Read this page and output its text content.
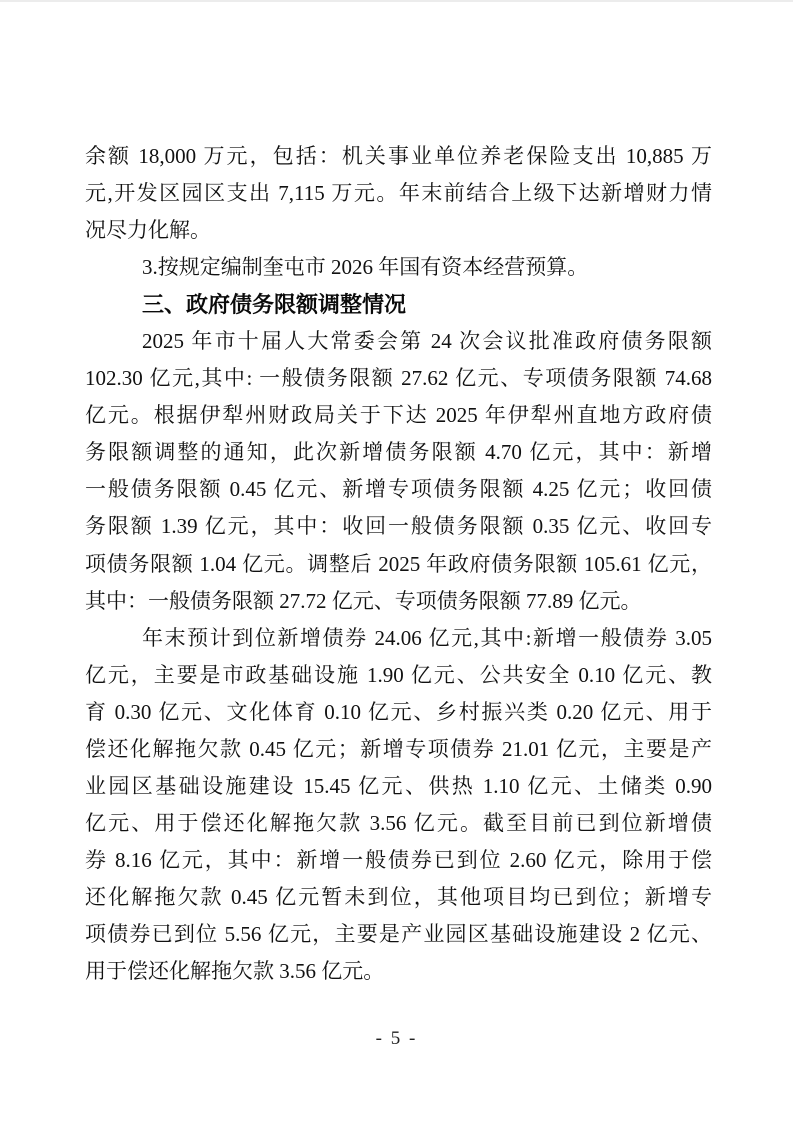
余额 18,000 万元，包括：机关事业单位养老保险支出 10,885 万
元,开发区园区支出 7,115 万元。年末前结合上级下达新增财力情
况尽力化解。
3.按规定编制奎屯市 2026 年国有资本经营预算。
三、政府债务限额调整情况
2025 年市十届人大常委会第 24 次会议批准政府债务限额
102.30 亿元,其中: 一般债务限额 27.62 亿元、专项债务限额 74.68
亿元。根据伊犁州财政局关于下达 2025 年伊犁州直地方政府债
务限额调整的通知，此次新增债务限额 4.70 亿元，其中：新增
一般债务限额 0.45 亿元、新增专项债务限额 4.25 亿元；收回债
务限额 1.39 亿元，其中：收回一般债务限额 0.35 亿元、收回专
项债务限额 1.04 亿元。调整后 2025 年政府债务限额 105.61 亿元，
其中：一般债务限额 27.72 亿元、专项债务限额 77.89 亿元。
年末预计到位新增债券 24.06 亿元,其中:新增一般债券 3.05
亿元，主要是市政基础设施 1.90 亿元、公共安全 0.10 亿元、教
育 0.30 亿元、文化体育 0.10 亿元、乡村振兴类 0.20 亿元、用于
偿还化解拖欠款 0.45 亿元；新增专项债券 21.01 亿元，主要是产
业园区基础设施建设 15.45 亿元、供热 1.10 亿元、土储类 0.90
亿元、用于偿还化解拖欠款 3.56 亿元。截至目前已到位新增债
券 8.16 亿元，其中：新增一般债券已到位 2.60 亿元，除用于偿
还化解拖欠款 0.45 亿元暂未到位，其他项目均已到位；新增专
项债券已到位 5.56 亿元，主要是产业园区基础设施建设 2 亿元、
用于偿还化解拖欠款 3.56 亿元。
- 5 -
